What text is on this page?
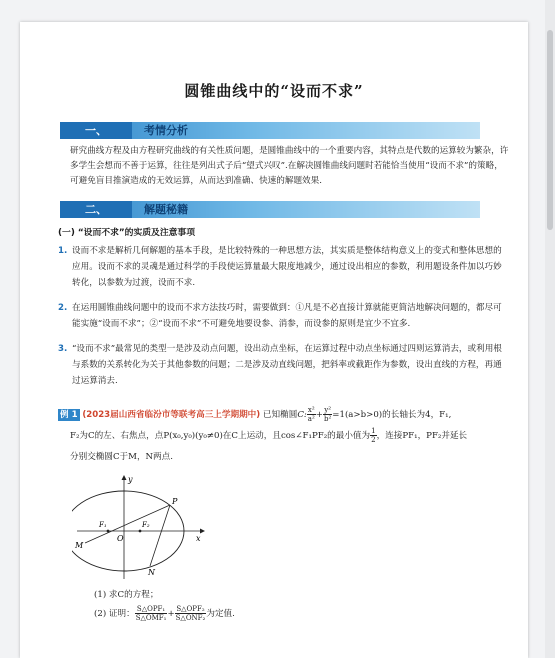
圆锥曲线中的“设而不求”
一、	考情分析
研究曲线方程及由方程研究曲线的有关性质问题，是圆锥曲线中的一个重要内容，其特点是代数的运算较为繁杂，许多学生会想而不善于运算，往往是列出式子后“望式兴叹”.在解决圆锥曲线问题时若能恰当使用“设而不求”的策略，可避免盲目推演造成的无效运算，从而达到准确、快速的解题效果.
二、	解题秘籍
(一) “设而不求”的实质及注意事项
1. 设而不求是解析几何解题的基本手段，是比较特殊的一种思想方法，其实质是整体结构意义上的变式和整体思想的应用。设而不求的灵魂是通过科学的手段使运算量最大限度地减少，通过设出相应的参数，利用题设条件加以巧妙转化，以参数为过渡，设而不求.
2. 在运用圆锥曲线问题中的设而不求方法技巧时，需要做到：①凡是不必直接计算就能更简洁地解决问题的，都尽可能实施“设而不求”；②“设而不求”不可避免地要设参、消参，而设参的原则是宜少不宜多.
3. “设而不求”最常见的类型一是涉及动点问题，设出动点坐标，在运算过程中动点坐标通过四则运算消去，或利用根与系数的关系转化为关于其他参数的问题；二是涉及动直线问题，把斜率或截距作为参数，设出直线的方程，再通过运算消去.
例 1 (2023届山西省临汾市等联考高三上学期期中) 已知椭圆C: $\frac{\text{x²}}{\text{a²}} + \frac{\text{y²}}{\text{b²}} =1(a>b>0)$的长轴长为4，F₁,
F₂为C的左、右焦点，点P(x₀,y₀)(y₀≠0)在C上运动，且cos∠F₁PF₂的最小值为 $\frac{1}{2}$ ，连接PF₁，PF₂并延长
分别交椭圆C于M，N两点.
y
x
O
P
M
N
F₁	F₂
(1) 求C的方程；
(2) 证明： $\frac{\text{S△OPF₁}}{\text{S△OMF₁}} + \frac{\text{S△OPF₂}}{\text{S△ONF₂}}$ 为定值.
